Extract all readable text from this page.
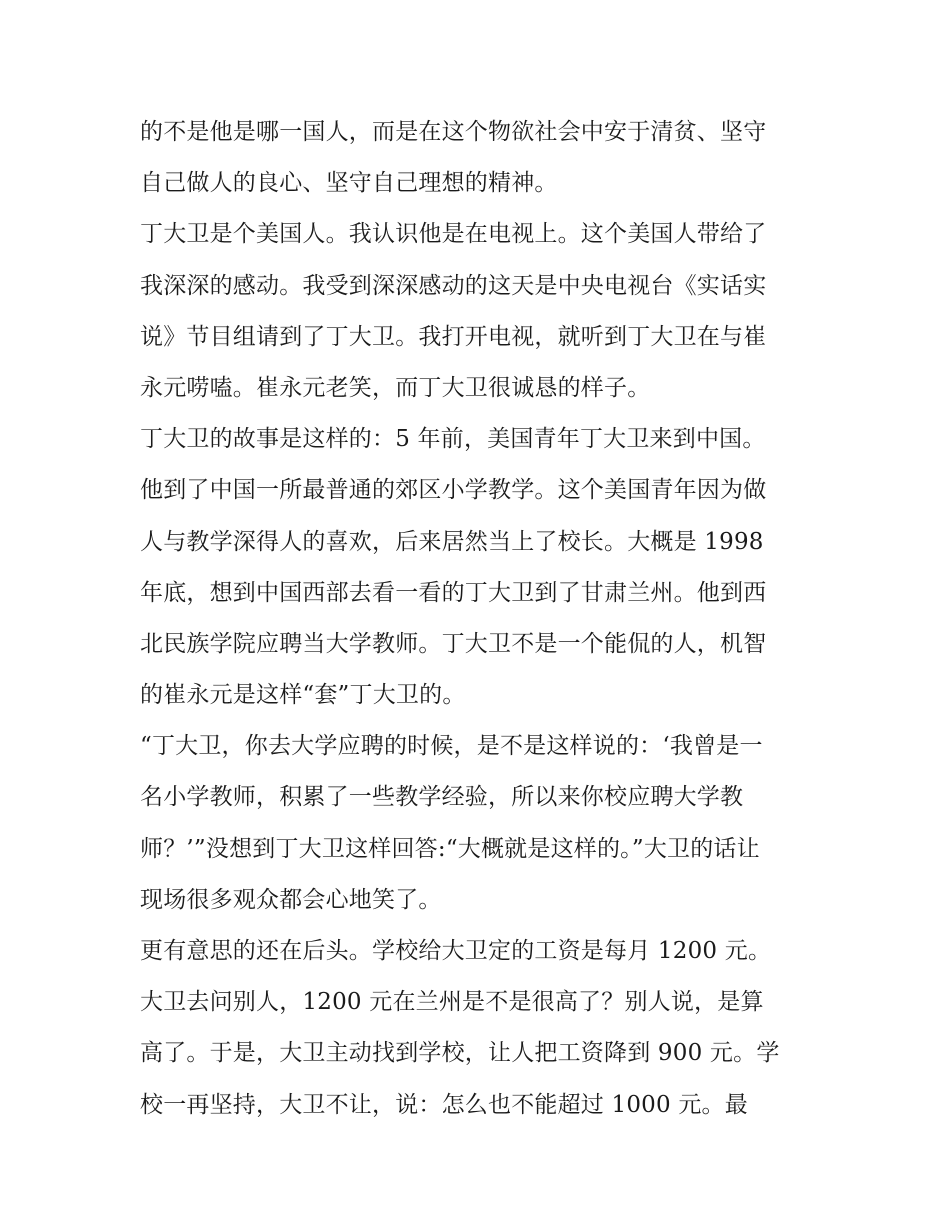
的不是他是哪一国人，而是在这个物欲社会中安于清贫、坚守
自己做人的良心、坚守自己理想的精神。
丁大卫是个美国人。我认识他是在电视上。这个美国人带给了
我深深的感动。我受到深深感动的这天是中央电视台《实话实
说》节目组请到了丁大卫。我打开电视，就听到丁大卫在与崔
永元唠嗑。崔永元老笑，而丁大卫很诚恳的样子。
丁大卫的故事是这样的：5 年前，美国青年丁大卫来到中国。
他到了中国一所最普通的郊区小学教学。这个美国青年因为做
人与教学深得人的喜欢，后来居然当上了校长。大概是 1998
年底，想到中国西部去看一看的丁大卫到了甘肃兰州。他到西
北民族学院应聘当大学教师。丁大卫不是一个能侃的人，机智
的崔永元是这样“套”丁大卫的。
“丁大卫，你去大学应聘的时候，是不是这样说的：‘我曾是一
名小学教师，积累了一些教学经验，所以来你校应聘大学教
师？’”没想到丁大卫这样回答:“大概就是这样的。”大卫的话让
现场很多观众都会心地笑了。
更有意思的还在后头。学校给大卫定的工资是每月 1200 元。
大卫去问别人，1200 元在兰州是不是很高了？别人说，是算
高了。于是，大卫主动找到学校，让人把工资降到 900 元。学
校一再坚持，大卫不让，说：怎么也不能超过 1000 元。最
